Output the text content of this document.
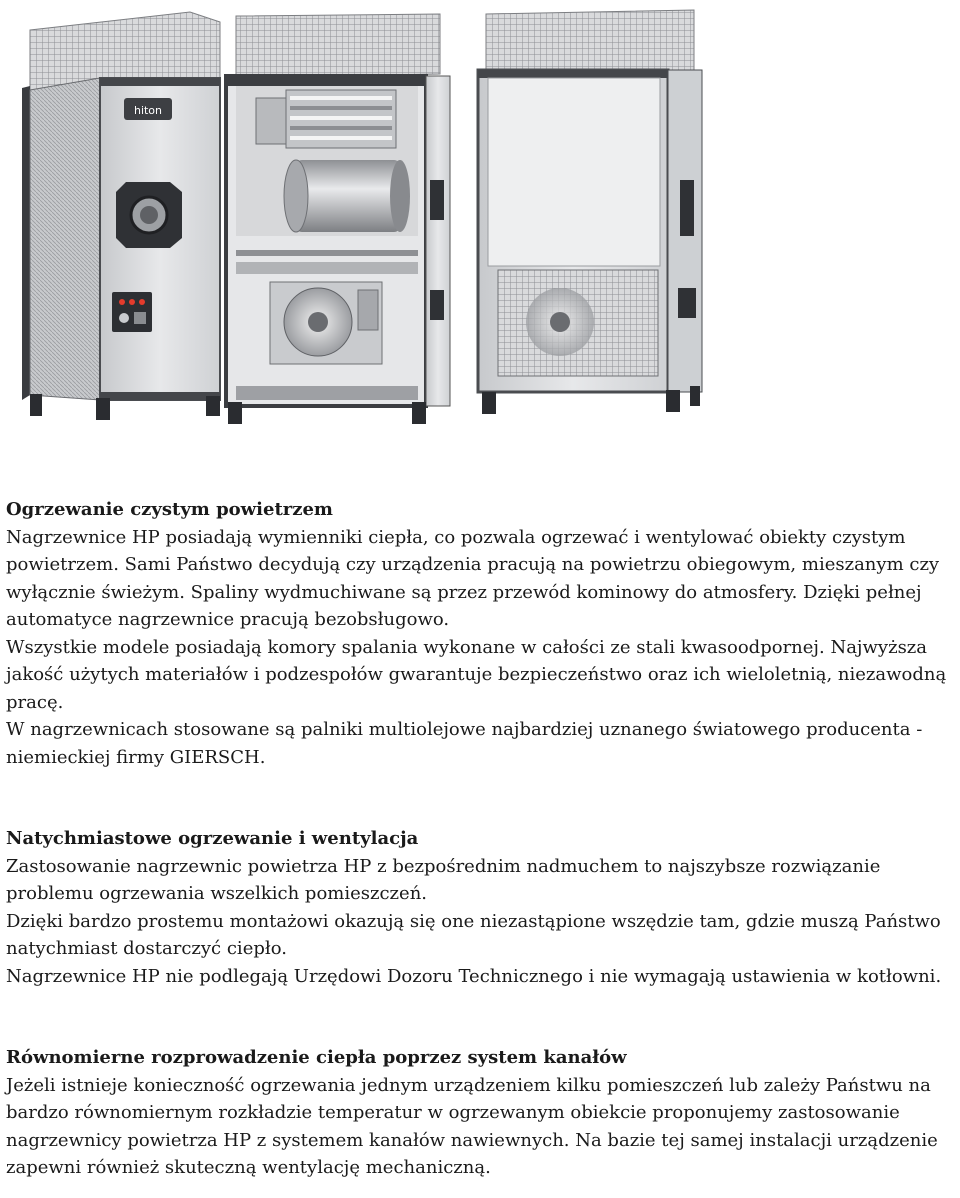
hiton
Ogrzewanie czystym powietrzem

Nagrzewnice HP posiadają wymienniki ciepła, co pozwala ogrzewać i wentylować obiekty czystym powietrzem. Sami Państwo decydują czy urządzenia pracują na powietrzu obiegowym, mieszanym czy wyłącznie świeżym. Spaliny wydmuchiwane są przez przewód kominowy do atmosfery. Dzięki pełnej automatyce nagrzewnice pracują bezobsługowo.

Wszystkie modele posiadają komory spalania wykonane w całości ze stali kwasoodpornej. Najwyższa jakość użytych materiałów i podzespołów gwarantuje bezpieczeństwo oraz ich wieloletnią, niezawodną pracę.

W nagrzewnicach stosowane są palniki multiolejowe najbardziej uznanego światowego producenta - niemieckiej firmy GIERSCH.

Natychmiastowe ogrzewanie i wentylacja

Zastosowanie nagrzewnic powietrza HP z bezpośrednim nadmuchem to najszybsze rozwiązanie problemu ogrzewania wszelkich pomieszczeń.

Dzięki bardzo prostemu montażowi okazują się one niezastąpione wszędzie tam, gdzie muszą Państwo natychmiast dostarczyć ciepło.

Nagrzewnice HP nie podlegają Urzędowi Dozoru Technicznego i nie wymagają ustawienia w kotłowni.

Równomierne rozprowadzenie ciepła poprzez system kanałów

Jeżeli istnieje konieczność ogrzewania jednym urządzeniem kilku pomieszczeń lub zależy Państwu na bardzo równomiernym rozkładzie temperatur w ogrzewanym obiekcie proponujemy zastosowanie nagrzewnicy powietrza HP z systemem kanałów nawiewnych. Na bazie tej samej instalacji urządzenie zapewni również skuteczną wentylację mechaniczną.
